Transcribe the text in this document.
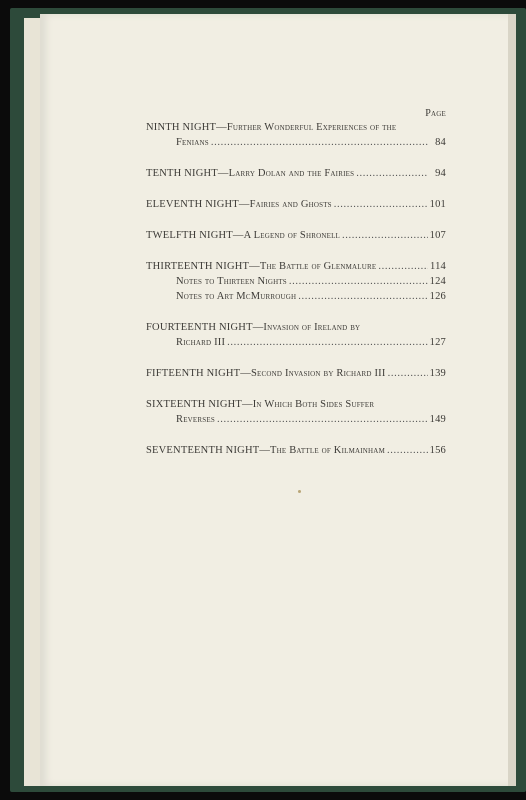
Page
NINTH NIGHT —Further Wonderful Experiences of the
Fenians . . .	84
TENTH NIGHT —Larry Dolan and the Fairies . . .	94
ELEVENTH NIGHT —Fairies and Ghosts . . .	101
TWELFTH NIGHT —A Legend of Shronell . . .	107
THIRTEENTH NIGHT —The Battle of Glenmalure . . .	114
Notes to Thirteen Nights . . .	124
Notes to Art McMurrough . . .	126
FOURTEENTH NIGHT —Invasion of Ireland by
Richard III . . .	127
FIFTEENTH NIGHT —Second Invasion by Richard III . . .	139
SIXTEENTH NIGHT —In Which Both Sides Suffer
Reverses . . .	149
SEVENTEENTH NIGHT —The Battle of Kilmainham . . .	156
